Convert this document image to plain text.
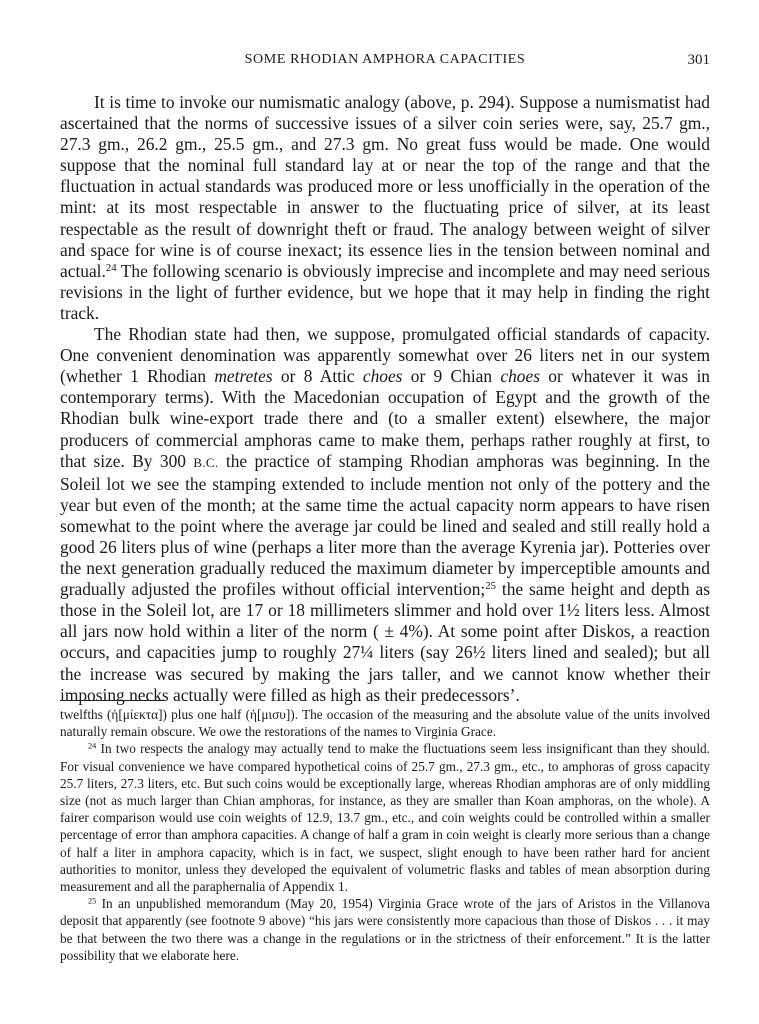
SOME RHODIAN AMPHORA CAPACITIES	301

It is time to invoke our numismatic analogy (above, p. 294). Suppose a numismatist had ascertained that the norms of successive issues of a silver coin series were, say, 25.7 gm., 27.3 gm., 26.2 gm., 25.5 gm., and 27.3 gm. No great fuss would be made. One would suppose that the nominal full standard lay at or near the top of the range and that the fluctuation in actual standards was produced more or less unofficially in the operation of the mint: at its most respectable in answer to the fluctuating price of silver, at its least respectable as the result of downright theft or fraud. The analogy between weight of silver and space for wine is of course inexact; its essence lies in the tension between nominal and actual.$^{24}$ The following scenario is obviously imprecise and incomplete and may need serious revisions in the light of further evidence, but we hope that it may help in finding the right track.

The Rhodian state had then, we suppose, promulgated official standards of capacity. One convenient denomination was apparently somewhat over 26 liters net in our system (whether 1 Rhodian metretes or 8 Attic choes or 9 Chian choes or whatever it was in contemporary terms). With the Macedonian occupation of Egypt and the growth of the Rhodian bulk wine-export trade there and (to a smaller extent) elsewhere, the major producers of commercial amphoras came to make them, perhaps rather roughly at first, to that size. By 300 B.C. the practice of stamping Rhodian amphoras was beginning. In the Soleil lot we see the stamping extended to include mention not only of the pottery and the year but even of the month; at the same time the actual capacity norm appears to have risen somewhat to the point where the average jar could be lined and sealed and still really hold a good 26 liters plus of wine (perhaps a liter more than the average Kyrenia jar). Potteries over the next generation gradually reduced the maximum diameter by imperceptible amounts and gradually adjusted the profiles without official intervention;$^{25}$ the same height and depth as those in the Soleil lot, are 17 or 18 millimeters slimmer and hold over 1½ liters less. Almost all jars now hold within a liter of the norm ( ± 4%). At some point after Diskos, a reaction occurs, and capacities jump to roughly 27¼ liters (say 26½ liters lined and sealed); but all the increase was secured by making the jars taller, and we cannot know whether their imposing necks actually were filled as high as their predecessors’.

twelfths (ἡ[μίεκτα]) plus one half (ἡ[μισυ]). The occasion of the measuring and the absolute value of the units involved naturally remain obscure. We owe the restorations of the names to Virginia Grace.

$^{24}$ In two respects the analogy may actually tend to make the fluctuations seem less insignificant than they should. For visual convenience we have compared hypothetical coins of 25.7 gm., 27.3 gm., etc., to amphoras of gross capacity 25.7 liters, 27.3 liters, etc. But such coins would be exceptionally large, whereas Rhodian amphoras are of only middling size (not as much larger than Chian amphoras, for instance, as they are smaller than Koan amphoras, on the whole). A fairer comparison would use coin weights of 12.9, 13.7 gm., etc., and coin weights could be controlled within a smaller percentage of error than amphora capacities. A change of half a gram in coin weight is clearly more serious than a change of half a liter in amphora capacity, which is in fact, we suspect, slight enough to have been rather hard for ancient authorities to monitor, unless they developed the equivalent of volumetric flasks and tables of mean absorption during measurement and all the paraphernalia of Appendix 1.

$^{25}$ In an unpublished memorandum (May 20, 1954) Virginia Grace wrote of the jars of Aristos in the Villanova deposit that apparently (see footnote 9 above) “his jars were consistently more capacious than those of Diskos . . . it may be that between the two there was a change in the regulations or in the strictness of their enforcement.” It is the latter possibility that we elaborate here.
